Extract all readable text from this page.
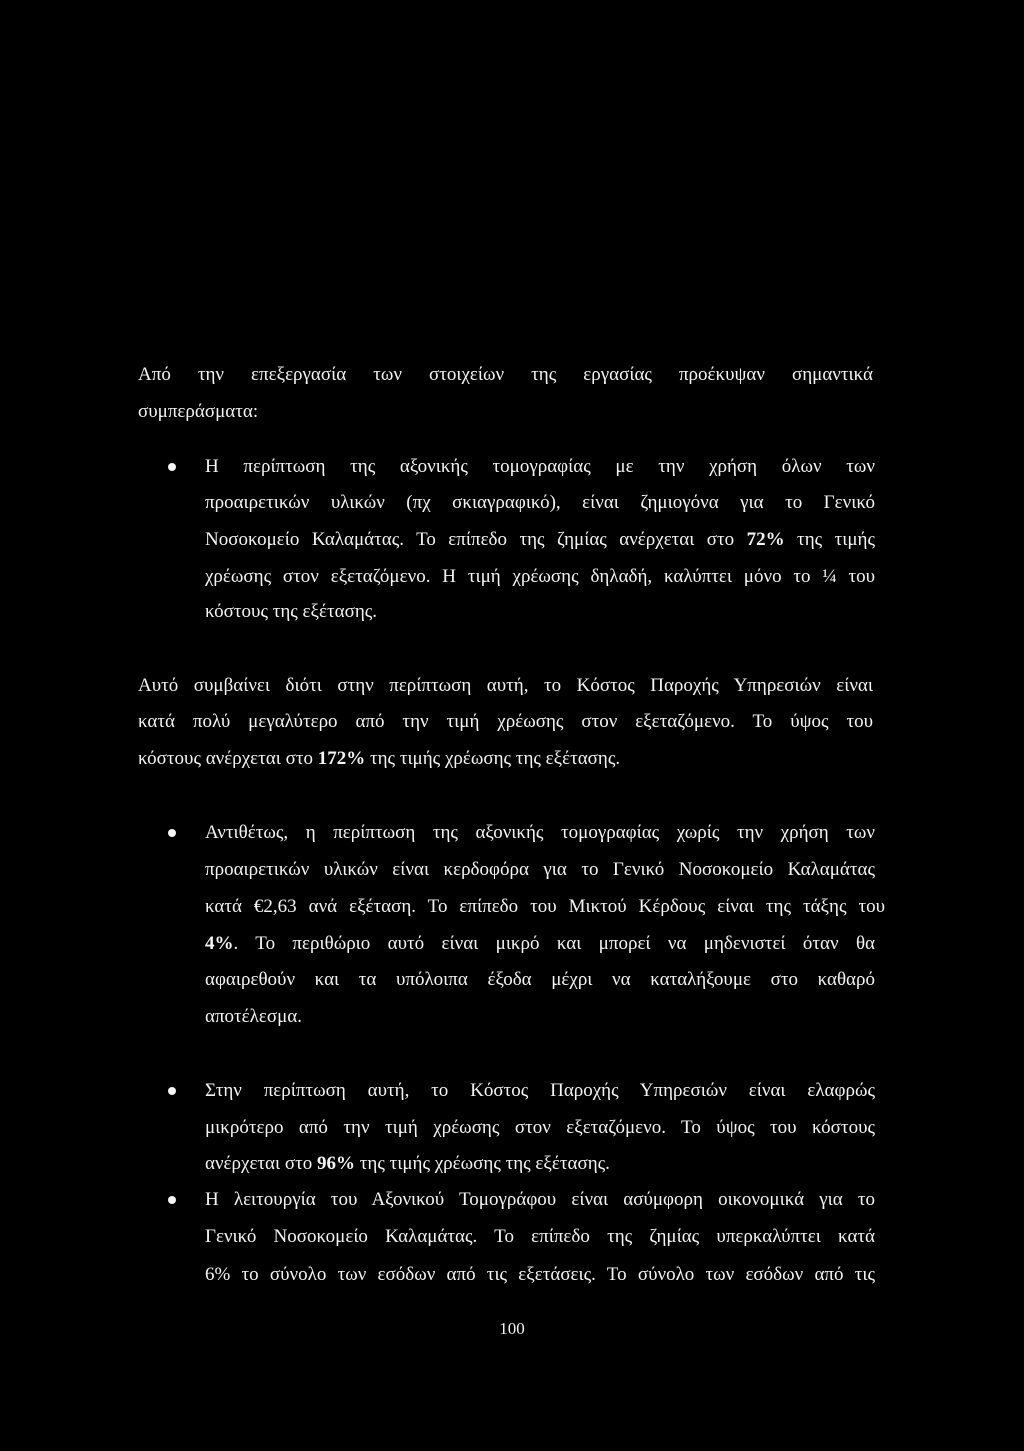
Από την επεξεργασία των στοιχείων της εργασίας προέκυψαν σημαντικά
συμπεράσματα:
Η περίπτωση της αξονικής τομογραφίας με την χρήση όλων των
προαιρετικών υλικών (πχ σκιαγραφικό), είναι ζημιογόνα για το Γενικό
Νοσοκομείο Καλαμάτας. Το επίπεδο της ζημίας ανέρχεται στο 72% της τιμής
χρέωσης στον εξεταζόμενο. Η τιμή χρέωσης δηλαδή, καλύπτει μόνο το ¼ του
κόστους της εξέτασης.
Αυτό συμβαίνει διότι στην περίπτωση αυτή, το Κόστος Παροχής Υπηρεσιών είναι
κατά πολύ μεγαλύτερο από την τιμή χρέωσης στον εξεταζόμενο. Το ύψος του
κόστους ανέρχεται στο 172% της τιμής χρέωσης της εξέτασης.
Αντιθέτως, η περίπτωση της αξονικής τομογραφίας χωρίς την χρήση των
προαιρετικών υλικών είναι κερδοφόρα για το Γενικό Νοσοκομείο Καλαμάτας
κατά €2,63 ανά εξέταση. Το επίπεδο του Μικτού Κέρδους είναι της τάξης του
4%. Το περιθώριο αυτό είναι μικρό και μπορεί να μηδενιστεί όταν θα
αφαιρεθούν και τα υπόλοιπα έξοδα μέχρι να καταλήξουμε στο καθαρό
αποτέλεσμα.
Στην περίπτωση αυτή, το Κόστος Παροχής Υπηρεσιών είναι ελαφρώς
μικρότερο από την τιμή χρέωσης στον εξεταζόμενο. Το ύψος του κόστους
ανέρχεται στο 96% της τιμής χρέωσης της εξέτασης.
Η λειτουργία του Αξονικού Τομογράφου είναι ασύμφορη οικονομικά για το
Γενικό Νοσοκομείο Καλαμάτας. Το επίπεδο της ζημίας υπερκαλύπτει κατά
6% το σύνολο των εσόδων από τις εξετάσεις. Το σύνολο των εσόδων από τις
100
